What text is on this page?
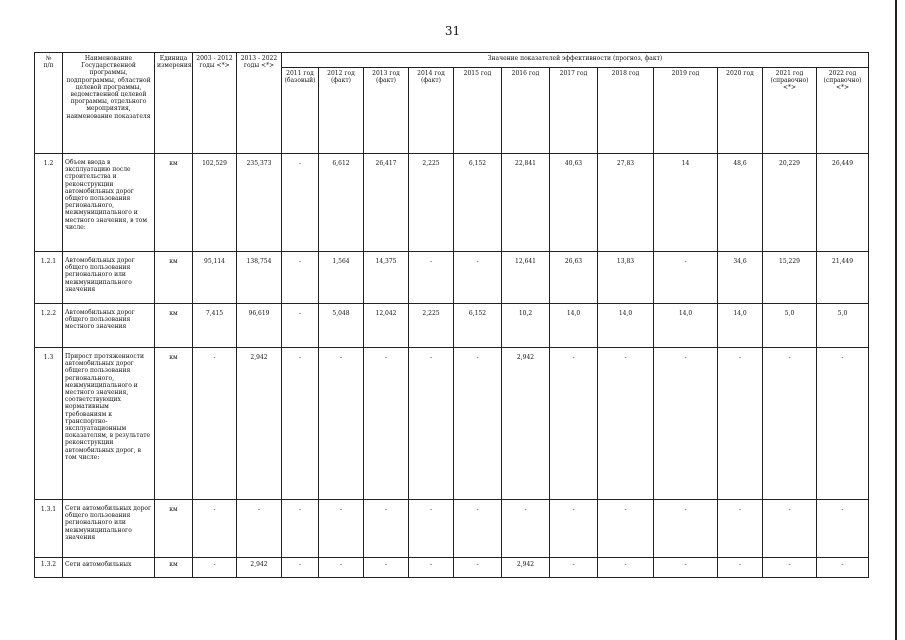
31
№
п/п	Наименование Государственной программы, подпрограммы, областной целевой программы, ведомственной целевой программы, отдельного мероприятия, наименование показателя	Единица измерения	2003 - 2012 годы <*>	2013 - 2022 годы <*>	Значение показателей эффективности (прогноз, факт)											
					2011 год (базовый)	2012 год (факт)	2013 год (факт)	2014 год (факт)	2015 год	2016 год	2017 год	2018 год	2019 год	2020 год	2021 год (справочно) <*>	2022 год (справочно) <*>
1.2	Объем ввода в эксплуатацию после строительства и реконструкции автомобильных дорог общего пользования регионального, межмуниципального и местного значения, в том числе:	км	102,529	235,373	-	6,612	26,417	2,225	6,152	22,841	40,63	27,83	14	48,6	20,229	26,449
1.2.1	Автомобильных дорог общего пользования регионального или межмуниципального значения	км	95,114	138,754	-	1,564	14,375	-	-	12,641	26,63	13,83	-	34,6	15,229	21,449
1.2.2	Автомобильных дорог общего пользования местного значения	км	7,415	96,619	-	5,048	12,042	2,225	6,152	10,2	14,0	14,0	14,0	14,0	5,0	5,0
1.3	Прирост протяженности автомобильных дорог общего пользования регионального, межмуниципального и местного значения, соответствующих нормативным требованиям к транспортно-эксплуатационным показателям, в результате реконструкции автомобильных дорог, в том числе:	км	-	2,942	-	-	-	-	-	2,942	-	-	-	-	-	-
1.3.1	Сети автомобильных дорог общего пользования регионального или межмуниципального значения	км	-	-	-	-	-	-	-	-	-	-	-	-	-	-
1.3.2	Сети автомобильных	км	-	2,942	-	-	-	-	-	2,942	-	-	-	-	-	-
